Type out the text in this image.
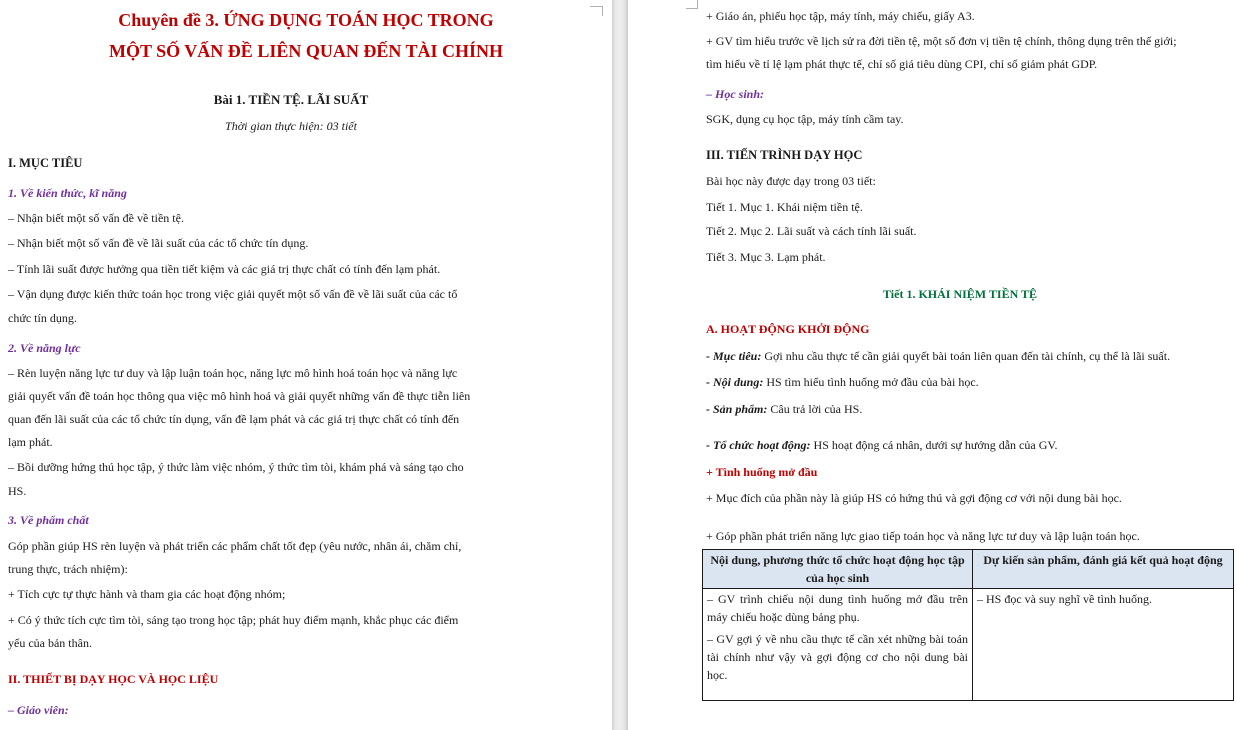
Chuyên đề 3. ỨNG DỤNG TOÁN HỌC TRONG
MỘT SỐ VẤN ĐỀ LIÊN QUAN ĐẾN TÀI CHÍNH
Bài 1. TIỀN TỆ. LÃI SUẤT
Thời gian thực hiện: 03 tiết
I. MỤC TIÊU
1. Về kiến thức, kĩ năng
– Nhận biết một số vấn đề về tiền tệ.
– Nhận biết một số vấn đề về lãi suất của các tổ chức tín dụng.
– Tính lãi suất được hưởng qua tiền tiết kiệm và các giá trị thực chất có tính đến lạm phát.
– Vận dụng được kiến thức toán học trong việc giải quyết một số vấn đề về lãi suất của các tổ
chức tín dụng.
2. Về năng lực
– Rèn luyện năng lực tư duy và lập luận toán học, năng lực mô hình hoá toán học và năng lực
giải quyết vấn đề toán học thông qua việc mô hình hoá và giải quyết những vấn đề thực tiễn liên
quan đến lãi suất của các tổ chức tín dụng, vấn đề lạm phát và các giá trị thực chất có tính đến
lạm phát.
– Bồi dưỡng hứng thú học tập, ý thức làm việc nhóm, ý thức tìm tòi, khám phá và sáng tạo cho
HS.
3. Về phẩm chất
Góp phần giúp HS rèn luyện và phát triển các phẩm chất tốt đẹp (yêu nước, nhân ái, chăm chỉ,
trung thực, trách nhiệm):
+ Tích cực tự thực hành và tham gia các hoạt động nhóm;
+ Có ý thức tích cực tìm tòi, sáng tạo trong học tập; phát huy điểm mạnh, khắc phục các điểm
yếu của bản thân.
II. THIẾT BỊ DẠY HỌC VÀ HỌC LIỆU
– Giáo viên:
+ Giáo án, phiếu học tập, máy tính, máy chiếu, giấy A3.
+ GV tìm hiểu trước về lịch sử ra đời tiền tệ, một số đơn vị tiền tệ chính, thông dụng trên thế giới;
tìm hiểu về tỉ lệ lạm phát thực tế, chỉ số giá tiêu dùng CPI, chỉ số giảm phát GDP.
– Học sinh:
SGK, dụng cụ học tập, máy tính cầm tay.
III. TIẾN TRÌNH DẠY HỌC
Bài học này được dạy trong 03 tiết:
Tiết 1. Mục 1. Khái niệm tiền tệ.
Tiết 2. Mục 2. Lãi suất và cách tính lãi suất.
Tiết 3. Mục 3. Lạm phát.
Tiết 1. KHÁI NIỆM TIỀN TỆ
A. HOẠT ĐỘNG KHỞI ĐỘNG
- Mục tiêu: Gợi nhu cầu thực tế cần giải quyết bài toán liên quan đến tài chính, cụ thể là lãi suất.
- Nội dung: HS tìm hiểu tình huống mở đầu của bài học.
- Sản phẩm: Câu trả lời của HS.
- Tổ chức hoạt động: HS hoạt động cá nhân, dưới sự hướng dẫn của GV.
+ Tình huống mở đầu
+ Mục đích của phần này là giúp HS có hứng thú và gợi động cơ với nội dung bài học.
+ Góp phần phát triển năng lực giao tiếp toán học và năng lực tư duy và lập luận toán học.
Nội dung, phương thức tổ chức hoạt động học tập của học sinh	Dự kiến sản phẩm, đánh giá kết quả hoạt động

– GV trình chiếu nội dung tình huống mở đầu trên máy chiếu hoặc dùng bảng phụ.

– GV gợi ý về nhu cầu thực tế cần xét những bài toán tài chính như vậy và gợi động cơ cho nội dung bài học.	– HS đọc và suy nghĩ về tình huống.
